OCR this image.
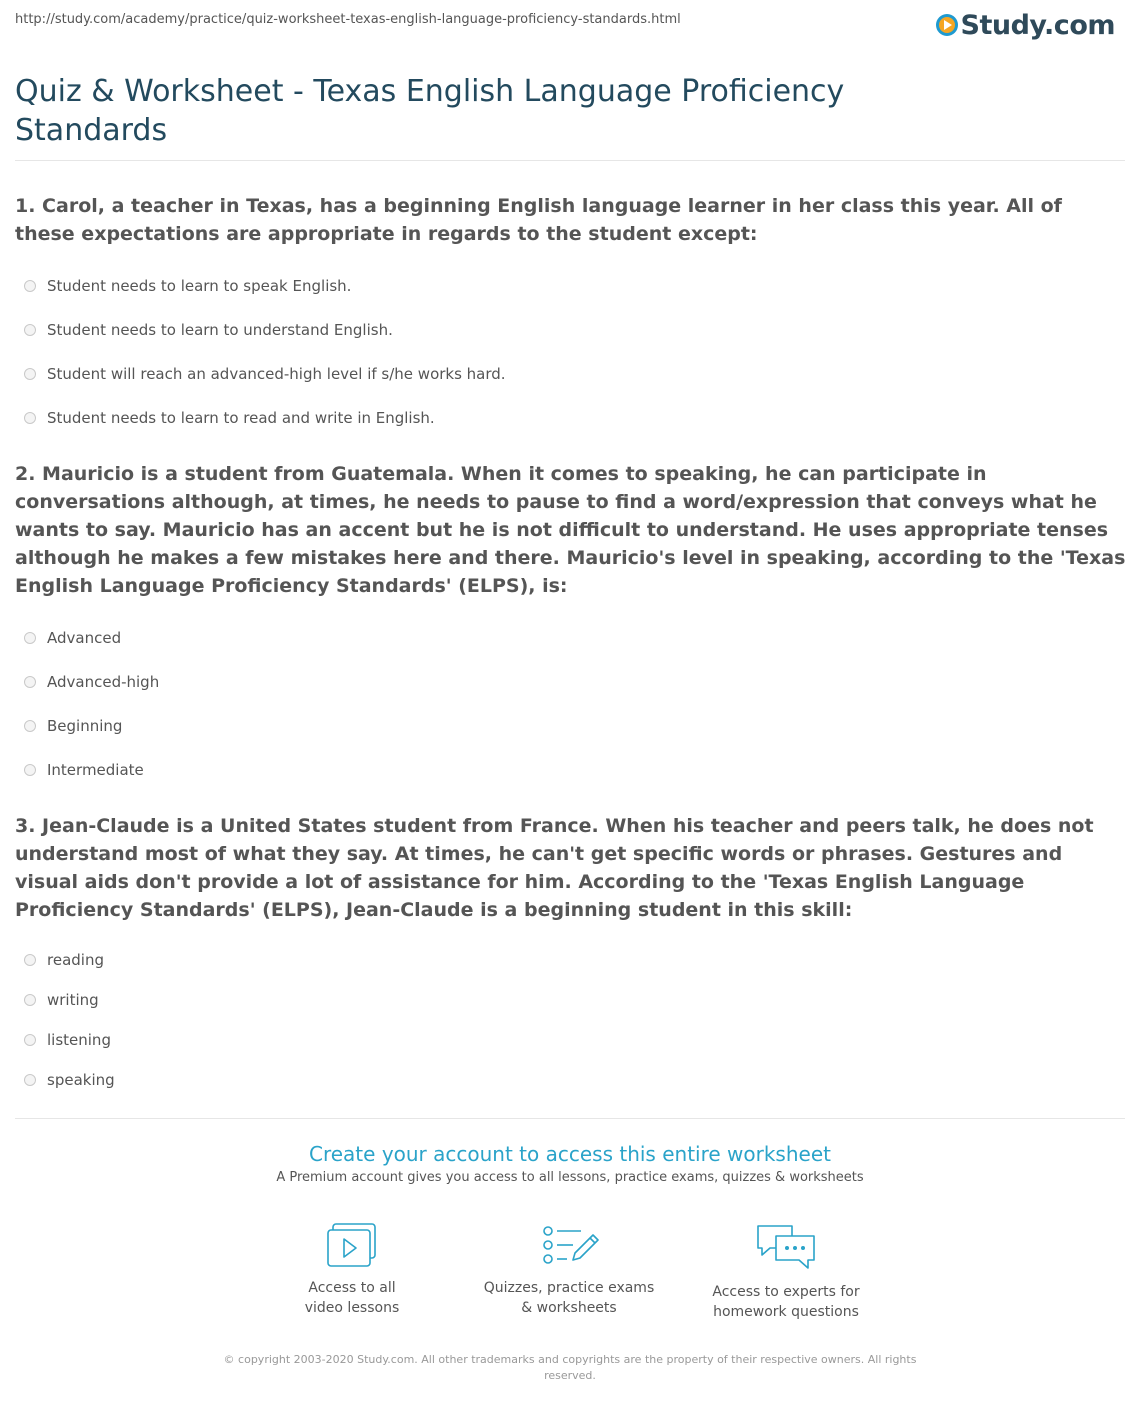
http://study.com/academy/practice/quiz-worksheet-texas-english-language-proficiency-standards.html	Study.com
Quiz & Worksheet - Texas English Language Proficiency Standards
1. Carol, a teacher in Texas, has a beginning English language learner in her class this year. All of these expectations are appropriate in regards to the student except:
Student needs to learn to speak English.
Student needs to learn to understand English.
Student will reach an advanced-high level if s/he works hard.
Student needs to learn to read and write in English.
2. Mauricio is a student from Guatemala. When it comes to speaking, he can participate in conversations although, at times, he needs to pause to find a word/expression that conveys what he wants to say. Mauricio has an accent but he is not difficult to understand. He uses appropriate tenses although he makes a few mistakes here and there. Mauricio's level in speaking, according to the 'Texas English Language Proficiency Standards' (ELPS), is:
Advanced
Advanced-high
Beginning
Intermediate
3. Jean-Claude is a United States student from France. When his teacher and peers talk, he does not understand most of what they say. At times, he can't get specific words or phrases. Gestures and visual aids don't provide a lot of assistance for him. According to the 'Texas English Language Proficiency Standards' (ELPS), Jean-Claude is a beginning student in this skill:
reading
writing
listening
speaking
Create your account to access this entire worksheet
A Premium account gives you access to all lessons, practice exams, quizzes & worksheets
Access to all
video lessons
Quizzes, practice exams
& worksheets
Access to experts for
homework questions
© copyright 2003-2020 Study.com. All other trademarks and copyrights are the property of their respective owners. All rights reserved.
